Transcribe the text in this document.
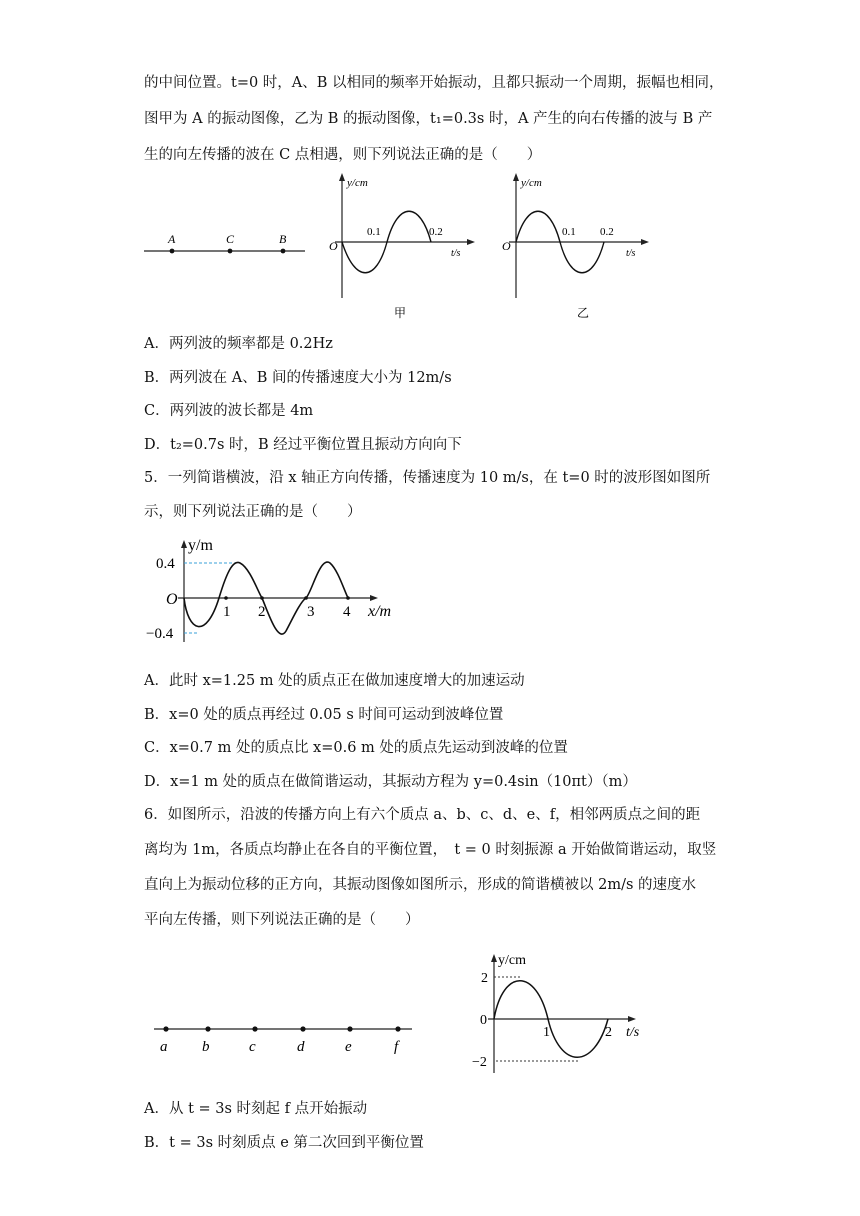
的中间位置。t=0 时，A、B 以相同的频率开始振动，且都只振动一个周期，振幅也相同，
图甲为 A 的振动图像，乙为 B 的振动图像，t₁=0.3s 时，A 产生的向右传播的波与 B 产
生的向左传播的波在 C 点相遇，则下列说法正确的是（　　）
A	C	B
y/cm
O
0.1	0.2
t/s
甲
y/cm
O
0.1 0.2
t/s
乙
A．两列波的频率都是 0.2Hz
B．两列波在 A、B 间的传播速度大小为 12m/s
C．两列波的波长都是 4m
D．t₂=0.7s 时，B 经过平衡位置且振动方向向下
5．一列简谐横波，沿 x 轴正方向传播，传播速度为 10 m/s，在 t=0 时的波形图如图所
示，则下列说法正确的是（　　）
y/m
O
0.4
−0.4
1 2	3 4 x/m
A．此时 x=1.25 m 处的质点正在做加速度增大的加速运动
B．x=0 处的质点再经过 0.05 s 时间可运动到波峰位置
C．x=0.7 m 处的质点比 x=0.6 m 处的质点先运动到波峰的位置
D．x=1 m 处的质点在做简谐运动，其振动方程为 y=0.4sin（10πt）（m）
6．如图所示，沿波的传播方向上有六个质点 a、b、c、d、e、f，相邻两质点之间的距
离均为 1m，各质点均静止在各自的平衡位置，　t = 0 时刻振源 a 开始做简谐运动，取竖
直向上为振动位移的正方向，其振动图像如图所示，形成的简谐横被以 2m/s 的速度水
平向左传播，则下列说法正确的是（　　）
a b	c	d	e	f
y/cm
2
0
−2
1	2 t/s
A．从 t = 3s 时刻起 f 点开始振动
B．t = 3s 时刻质点 e 第二次回到平衡位置
